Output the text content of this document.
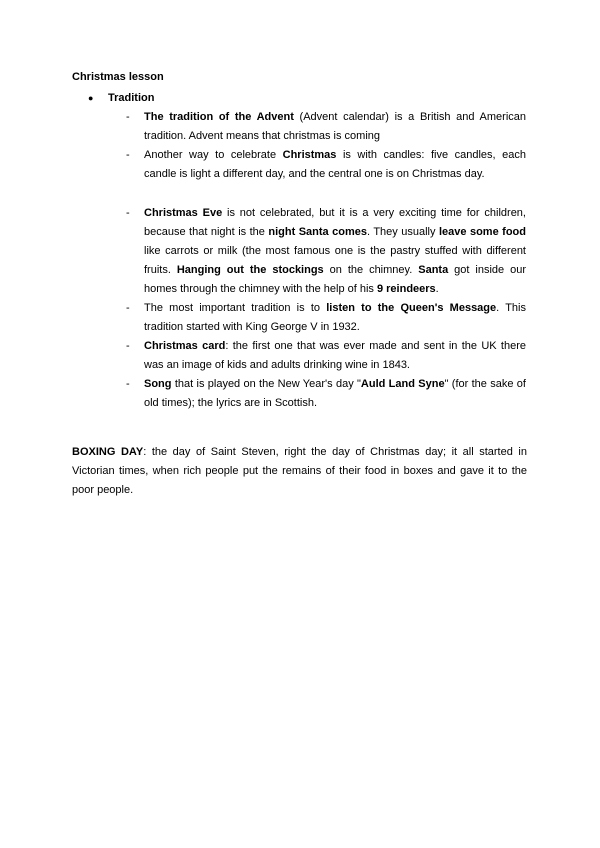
Christmas lesson
● Tradition

- The tradition of the Advent (Advent calendar) is a British and American tradition. Advent means that christmas is coming

- Another way to celebrate Christmas is with candles: five candles, each candle is light a different day, and the central one is on Christmas day.

- Christmas Eve is not celebrated, but it is a very exciting time for children, because that night is the night Santa comes. They usually leave some food like carrots or milk (the most famous one is the pastry stuffed with different fruits. Hanging out the stockings on the chimney. Santa got inside our homes through the chimney with the help of his 9 reindeers.

- The most important tradition is to listen to the Queen's Message. This tradition started with King George V in 1932.

- Christmas card: the first one that was ever made and sent in the UK there was an image of kids and adults drinking wine in 1843.

- Song that is played on the New Year's day "Auld Land Syne" (for the sake of old times); the lyrics are in Scottish.

BOXING DAY: the day of Saint Steven, right the day of Christmas day; it all started in Victorian times, when rich people put the remains of their food in boxes and gave it to the poor people.
